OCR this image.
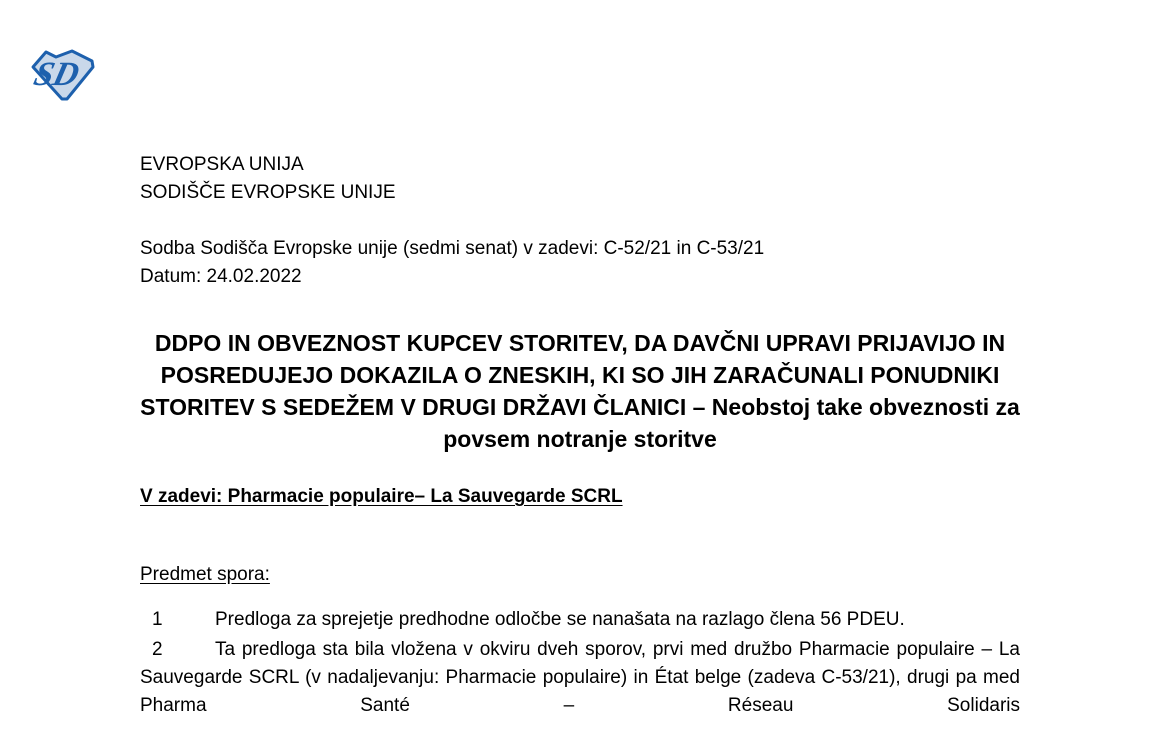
SD
EVROPSKA UNIJA
SODIŠČE EVROPSKE UNIJE
Sodba Sodišča Evropske unije (sedmi senat) v zadevi: C-52/21 in C-53/21
Datum: 24.02.2022
DDPO IN OBVEZNOST KUPCEV STORITEV, DA DAVČNI UPRAVI PRIJAVIJO IN POSREDUJEJO DOKAZILA O ZNESKIH, KI SO JIH ZARAČUNALI PONUDNIKI STORITEV S SEDEŽEM V DRUGI DRŽAVI ČLANICI – Neobstoj take obveznosti za povsem notranje storitve
V zadevi: Pharmacie populaire– La Sauvegarde SCRL
Predmet spora:

1	Predloga za sprejetje predhodne odločbe se nanašata na razlago člena 56 PDEU.

2	Ta predloga sta bila vložena v okviru dveh sporov, prvi med družbo Pharmacie populaire – La Sauvegarde SCRL (v nadaljevanju: Pharmacie populaire) in État belge (zadeva C-53/21), drugi pa med Pharma Santé – Réseau Solidaris
